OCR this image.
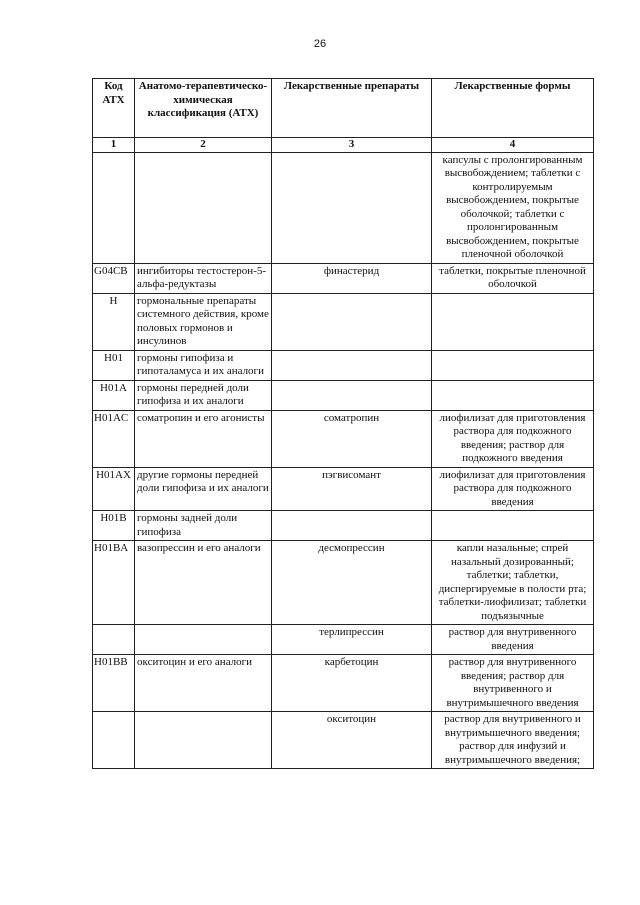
26
Код АТХ	Анатомо-терапевтическо-химическая классификация (АТХ)	Лекарственные препараты	Лекарственные формы
1	2	3	4
			капсулы с пролонгированным высвобождением; таблетки с контролируемым высвобождением, покрытые оболочкой; таблетки с пролонгированным высвобождением, покрытые пленочной оболочкой
G04CB	ингибиторы тестостерон-5-альфа-редуктазы	финастерид	таблетки, покрытые пленочной оболочкой
H	гормональные препараты системного действия, кроме половых гормонов и инсулинов		
H01	гормоны гипофиза и гипоталамуса и их аналоги		
H01A	гормоны передней доли гипофиза и их аналоги		
H01AC	соматропин и его агонисты	соматропин	лиофилизат для приготовления раствора для подкожного введения; раствор для подкожного введения
H01AX	другие гормоны передней доли гипофиза и их аналоги	пэгвисомант	лиофилизат для приготовления раствора для подкожного введения
H01B	гормоны задней доли гипофиза		
H01BA	вазопрессин и его аналоги	десмопрессин	капли назальные; спрей назальный дозированный; таблетки; таблетки, диспергируемые в полости рта; таблетки-лиофилизат; таблетки подъязычные
		терлипрессин	раствор для внутривенного введения
H01BB	окситоцин и его аналоги	карбетоцин	раствор для внутривенного введения; раствор для внутривенного и внутримышечного введения
		окситоцин	раствор для внутривенного и внутримышечного введения; раствор для инфузий и внутримышечного введения;
